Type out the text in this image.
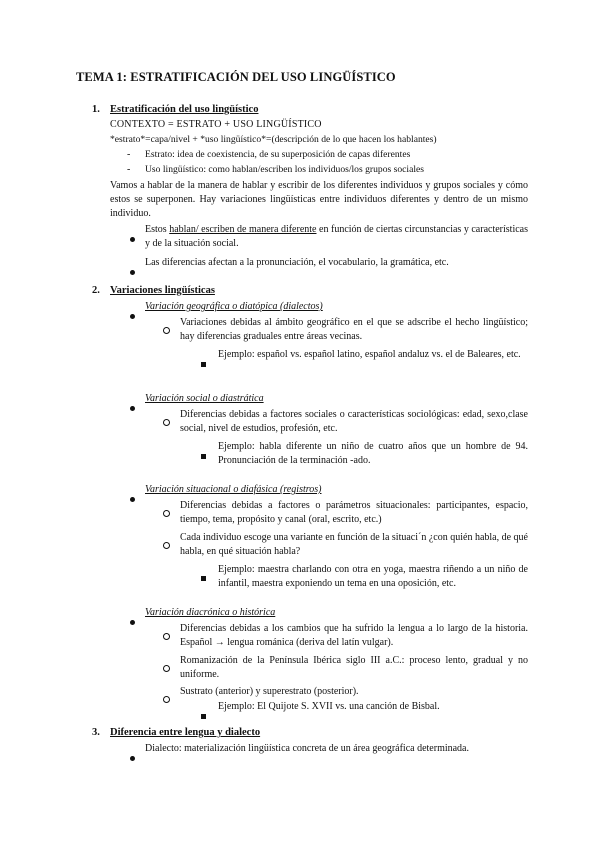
TEMA 1: ESTRATIFICACIÓN DEL USO LINGÜÍSTICO
1. Estratificación del uso lingüístico
CONTEXTO = ESTRATO + USO LINGÜÍSTICO
*estrato*=capa/nivel + *uso lingüístico*=(descripción de lo que hacen los hablantes)
- Estrato: idea de coexistencia, de su superposición de capas diferentes
- Uso lingüístico: como hablan/escriben los individuos/los grupos sociales
Vamos a hablar de la manera de hablar y escribir de los diferentes individuos y grupos sociales y cómo estos se superponen. Hay variaciones lingüísticas entre individuos diferentes y dentro de un mismo individuo.
Estos hablan/ escriben de manera diferente en función de ciertas circunstancias y características y de la situación social.
Las diferencias afectan a la pronunciación, el vocabulario, la gramática, etc.
2. Variaciones lingüísticas
Variación geográfica o diatópica (dialectos)
Variaciones debidas al ámbito geográfico en el que se adscribe el hecho lingüístico; hay diferencias graduales entre áreas vecinas.
Ejemplo: español vs. español latino, español andaluz vs. el de Baleares, etc.
Variación social o diastrática
Diferencias debidas a factores sociales o características sociológicas: edad, sexo,clase social, nivel de estudios, profesión, etc.
Ejemplo: habla diferente un niño de cuatro años que un hombre de 94. Pronunciación de la terminación -ado.
Variación situacional o diafásica (registros)
Diferencias debidas a factores o parámetros situacionales: participantes, espacio, tiempo, tema, propósito y canal (oral, escrito, etc.)
Cada individuo escoge una variante en función de la situaci´n ¿con quién habla, de qué habla, en qué situación habla?
Ejemplo: maestra charlando con otra en yoga, maestra riñendo a un niño de infantil, maestra exponiendo un tema en una oposición, etc.
Variación diacrónica o histórica
Diferencias debidas a los cambios que ha sufrido la lengua a lo largo de la historia. Español → lengua románica (deriva del latín vulgar).
Romanización de la Península Ibérica siglo III a.C.: proceso lento, gradual y no uniforme.
Sustrato (anterior) y superestrato (posterior).
Ejemplo: El Quijote S. XVII vs. una canción de Bisbal.
3. Diferencia entre lengua y dialecto
Dialecto: materialización lingüística concreta de un área geográfica determinada.
